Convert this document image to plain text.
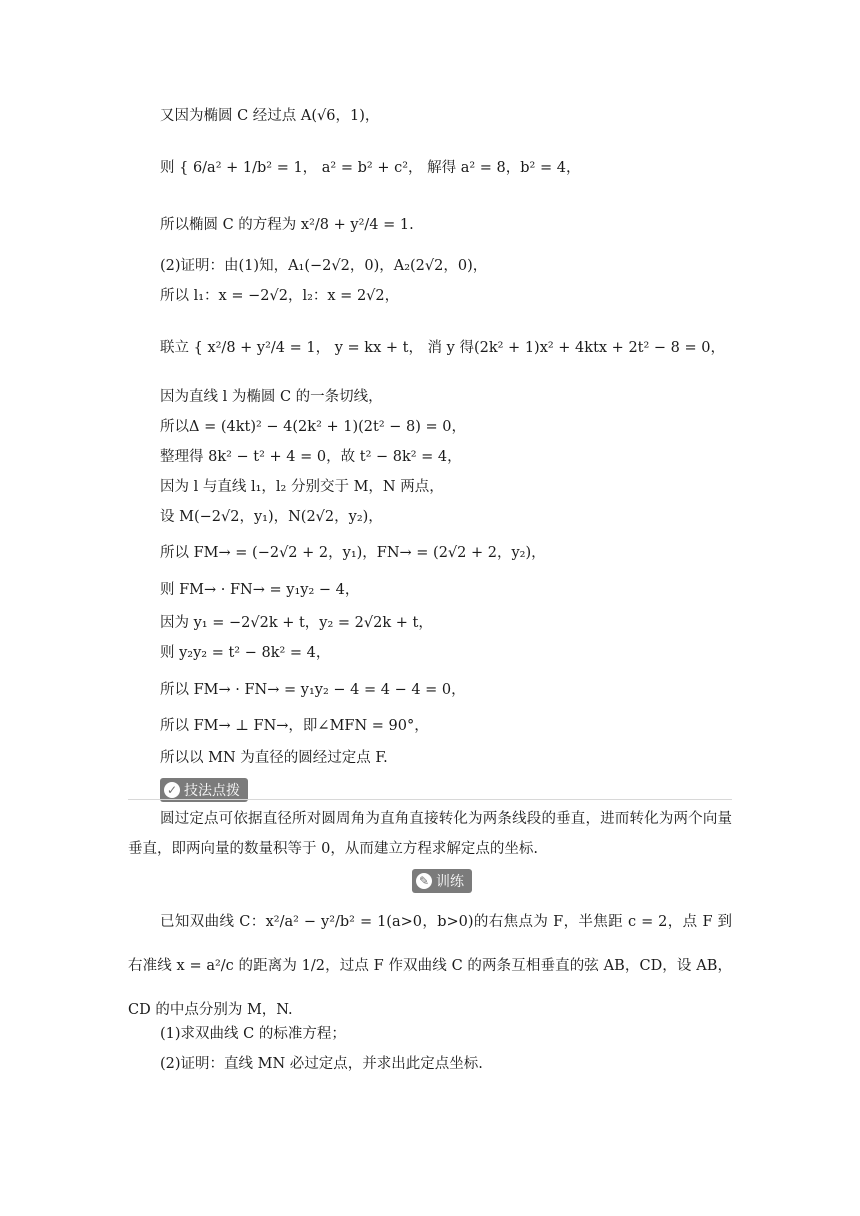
又因为椭圆 C 经过点 A(√6，1)，
则 { 6/a² + 1/b² = 1， a² = b² + c²， 解得 a² = 8，b² = 4，
所以椭圆 C 的方程为 x²/8 + y²/4 = 1.
(2)证明：由(1)知，A₁(−2√2，0)，A₂(2√2，0)，
所以 l₁：x = −2√2，l₂：x = 2√2，
联立 { x²/8 + y²/4 = 1， y = kx + t， 消 y 得(2k² + 1)x² + 4ktx + 2t² − 8 = 0，
因为直线 l 为椭圆 C 的一条切线，
所以Δ = (4kt)² − 4(2k² + 1)(2t² − 8) = 0，
整理得 8k² − t² + 4 = 0，故 t² − 8k² = 4，
因为 l 与直线 l₁，l₂ 分别交于 M，N 两点，
设 M(−2√2，y₁)，N(2√2，y₂)，
所以 FM→ = (−2√2 + 2，y₁)，FN→ = (2√2 + 2，y₂)，
则 FM→ · FN→ = y₁y₂ − 4，
因为 y₁ = −2√2k + t，y₂ = 2√2k + t，
则 y₂y₂ = t² − 8k² = 4，
所以 FM→ · FN→ = y₁y₂ − 4 = 4 − 4 = 0，
所以 FM→ ⊥ FN→，即∠MFN = 90°，
所以以 MN 为直径的圆经过定点 F.
✓ 技法点拨
圆过定点可依据直径所对圆周角为直角直接转化为两条线段的垂直，进而转化为两个向量垂直，即两向量的数量积等于 0，从而建立方程求解定点的坐标.
✎ 训练
已知双曲线 C：x²/a² − y²/b² = 1(a>0，b>0)的右焦点为 F，半焦距 c = 2，点 F 到右准线 x = a²/c 的距离为 1/2，过点 F 作双曲线 C 的两条互相垂直的弦 AB，CD，设 AB，CD 的中点分别为 M，N.
(1)求双曲线 C 的标准方程；
(2)证明：直线 MN 必过定点，并求出此定点坐标.
